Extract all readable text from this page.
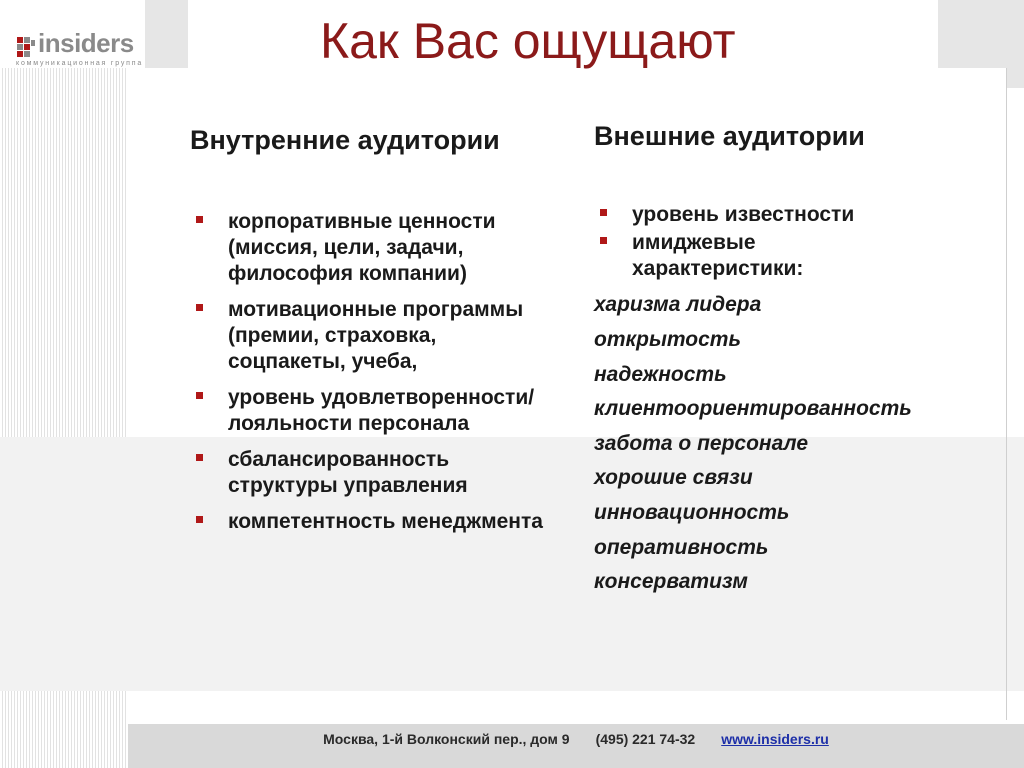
insiders
коммуникационная группа	Как Вас ощущают
Внутренние аудитории
корпоративные ценности (миссия, цели, задачи, философия компании)
мотивационные программы (премии, страховка, соцпакеты, учеба,
уровень удовлетворенности/ лояльности персонала
сбалансированность структуры управления
компетентность менеджмента
Внешние аудитории
уровень известности
имиджевые характеристики:
харизма лидера
открытость
надежность
клиентоориентированность
забота о персонале
хорошие связи
инновационность
оперативность
консерватизм
Москва, 1-й Волконский пер., дом 9 (495) 221 74-32 www.insiders.ru
